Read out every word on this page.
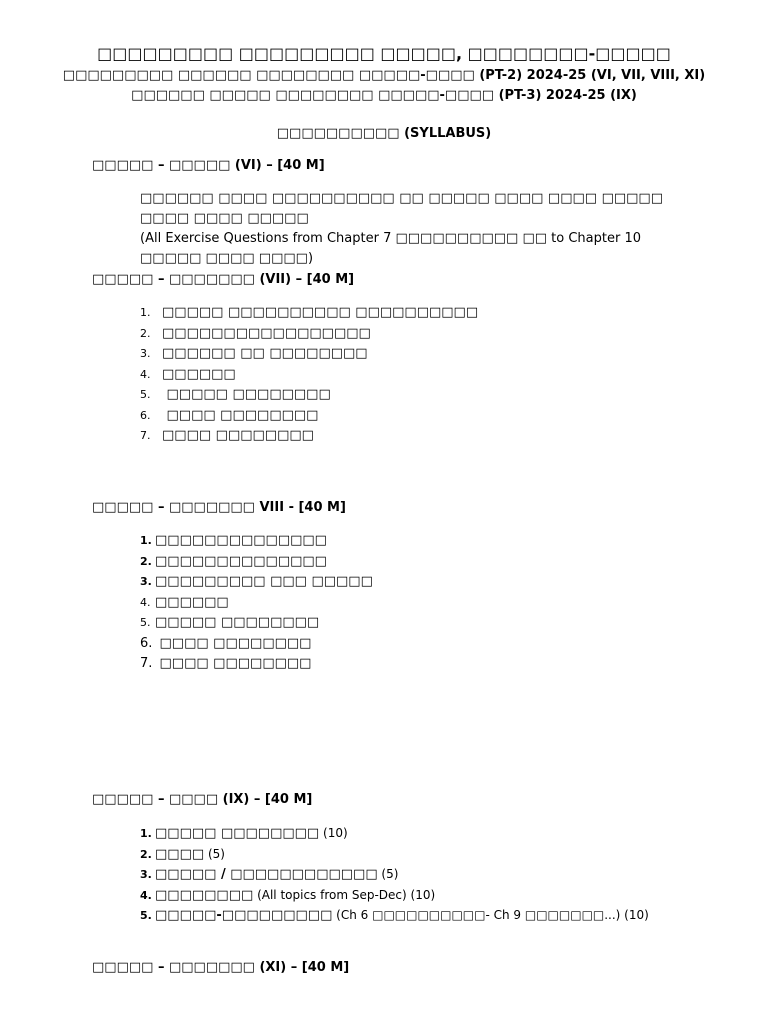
□□□□□□□□□ □□□□□□□□□ □□□□□, □□□□□□□□-□□□□□
□□□□□□□□□ □□□□□□ □□□□□□□□ □□□□□-□□□□ (PT-2) 2024-25 (VI, VII, VIII, XI)
□□□□□□ □□□□□ □□□□□□□□ □□□□□-□□□□ (PT-3) 2024-25 (IX)
□□□□□□□□□□ (SYLLABUS)
□□□□□ – □□□□□ (VI) – [40 M]
□□□□□□ □□□□ □□□□□□□□□□ □□ □□□□□ □□□□ □□□□ □□□□□ □□□□ □□□□ □□□□□
(All Exercise Questions from Chapter 7 □□□□□□□□□□ □□ to Chapter 10 □□□□□ □□□□ □□□□)
□□□□□ – □□□□□□□ (VII) – [40 M]
1. □□□□□ □□□□□□□□□□ □□□□□□□□□□
2. □□□□□□□□□□□□□□□□□
3. □□□□□□ □□ □□□□□□□□
4. □□□□□□
5. □□□□□ □□□□□□□□
6. □□□□ □□□□□□□□
7. □□□□ □□□□□□□□
□□□□□ – □□□□□□□ VIII - [40 M]
1. □□□□□□□□□□□□□□
2. □□□□□□□□□□□□□□
3. □□□□□□□□□ □□□ □□□□□
4. □□□□□□
5. □□□□□ □□□□□□□□
6. □□□□ □□□□□□□□
7. □□□□ □□□□□□□□
□□□□□ – □□□□ (IX) – [40 M]
1. □□□□□ □□□□□□□□ (10)
2. □□□□ (5)
3. □□□□□ / □□□□□□□□□□□□ (5)
4. □□□□□□□□ (All topics from Sep-Dec) (10)
5. □□□□□-□□□□□□□□□ (Ch 6 □□□□□□□□□□- Ch 9 □□□□□□□...) (10)
□□□□□ – □□□□□□□ (XI) – [40 M]
